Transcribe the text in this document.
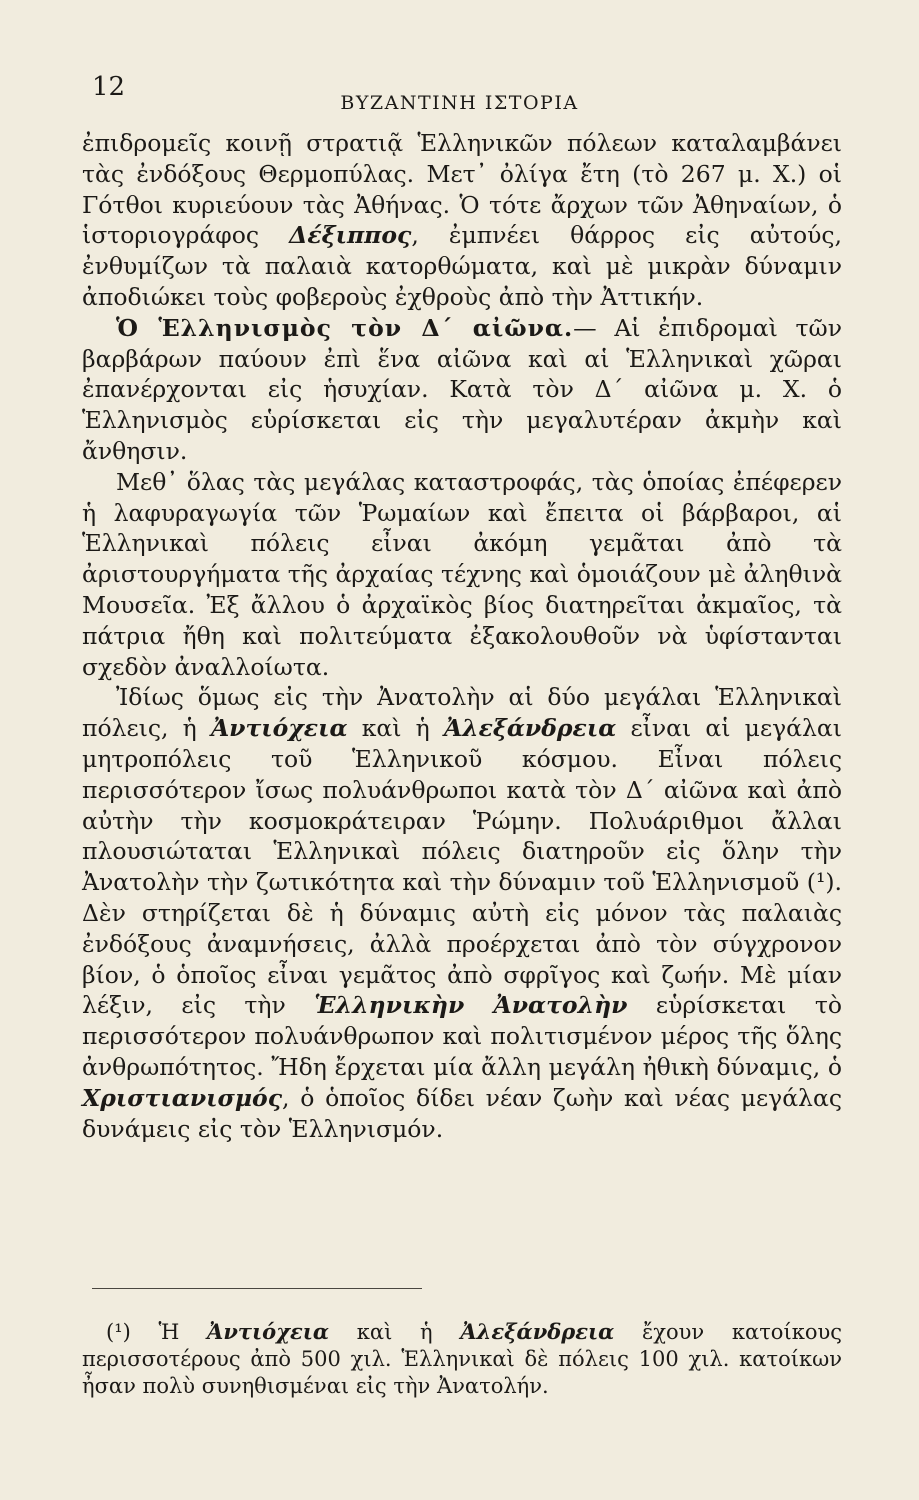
12
ΒΥΖΑΝΤΙΝΗ ΙΣΤΟΡΙΑ

ἐπιδρομεῖς κοινῇ στρατιᾷ Ἑλληνικῶν πόλεων καταλαμβάνει τὰς ἐνδόξους Θερμοπύλας. Μετ᾽ ὀλίγα ἔτη (τὸ 267 μ. Χ.) οἱ Γότθοι κυριεύουν τὰς Ἀθήνας. Ὁ τότε ἄρχων τῶν Ἀθηναίων, ὁ ἱστοριογράφος Δέξιππος, ἐμπνέει θάρρος εἰς αὐτούς, ἐνθυμίζων τὰ παλαιὰ κατορθώματα, καὶ μὲ μικρὰν δύναμιν ἀποδιώκει τοὺς φοβεροὺς ἐχθροὺς ἀπὸ τὴν Ἀττικήν.

Ὁ Ἑλληνισμὸς τὸν Δ΄ αἰῶνα.— Αἱ ἐπιδρομαὶ τῶν βαρβάρων παύουν ἐπὶ ἕνα αἰῶνα καὶ αἱ Ἑλληνικαὶ χῶραι ἐπανέρχονται εἰς ἡσυχίαν. Κατὰ τὸν Δ΄ αἰῶνα μ. Χ. ὁ Ἑλληνισμὸς εὑρίσκεται εἰς τὴν μεγαλυτέραν ἀκμὴν καὶ ἄνθησιν.

Μεθ᾽ ὅλας τὰς μεγάλας καταστροφάς, τὰς ὁποίας ἐπέφερεν ἡ λαφυραγωγία τῶν Ῥωμαίων καὶ ἔπειτα οἱ βάρβαροι, αἱ Ἑλληνικαὶ πόλεις εἶναι ἀκόμη γεμᾶται ἀπὸ τὰ ἀριστουργήματα τῆς ἀρχαίας τέχνης καὶ ὁμοιάζουν μὲ ἀληθινὰ Μουσεῖα. Ἐξ ἄλλου ὁ ἀρχαϊκὸς βίος διατηρεῖται ἀκμαῖος, τὰ πάτρια ἤθη καὶ πολιτεύματα ἐξακολουθοῦν νὰ ὑφίστανται σχεδὸν ἀναλλοίωτα.

Ἰδίως ὅμως εἰς τὴν Ἀνατολὴν αἱ δύο μεγάλαι Ἑλληνικαὶ πόλεις, ἡ Ἀντιόχεια καὶ ἡ Ἀλεξάνδρεια εἶναι αἱ μεγάλαι μητροπόλεις τοῦ Ἑλληνικοῦ κόσμου. Εἶναι πόλεις περισσότερον ἴσως πολυάνθρωποι κατὰ τὸν Δ΄ αἰῶνα καὶ ἀπὸ αὐτὴν τὴν κοσμοκράτειραν Ῥώμην. Πολυάριθμοι ἄλλαι πλουσιώταται Ἑλληνικαὶ πόλεις διατηροῦν εἰς ὅλην τὴν Ἀνατολὴν τὴν ζωτικότητα καὶ τὴν δύναμιν τοῦ Ἑλληνισμοῦ (¹). Δὲν στηρίζεται δὲ ἡ δύναμις αὐτὴ εἰς μόνον τὰς παλαιὰς ἐνδόξους ἀναμνήσεις, ἀλλὰ προέρχεται ἀπὸ τὸν σύγχρονον βίον, ὁ ὁποῖος εἶναι γεμᾶτος ἀπὸ σφρῖγος καὶ ζωήν. Μὲ μίαν λέξιν, εἰς τὴν Ἑλληνικὴν Ἀνατολὴν εὑρίσκεται τὸ περισσότερον πολυάνθρωπον καὶ πολιτισμένον μέρος τῆς ὅλης ἀνθρωπότητος. Ἤδη ἔρχεται μία ἄλλη μεγάλη ἠθικὴ δύναμις, ὁ Χριστιανισμός, ὁ ὁποῖος δίδει νέαν ζωὴν καὶ νέας μεγάλας δυνάμεις εἰς τὸν Ἑλληνισμόν.

(¹) Ἡ Ἀντιόχεια καὶ ἡ Ἀλεξάνδρεια ἔχουν κατοίκους περισσοτέρους ἀπὸ 500 χιλ. Ἑλληνικαὶ δὲ πόλεις 100 χιλ. κατοίκων ἦσαν πολὺ συνηθισμέναι εἰς τὴν Ἀνατολήν.
